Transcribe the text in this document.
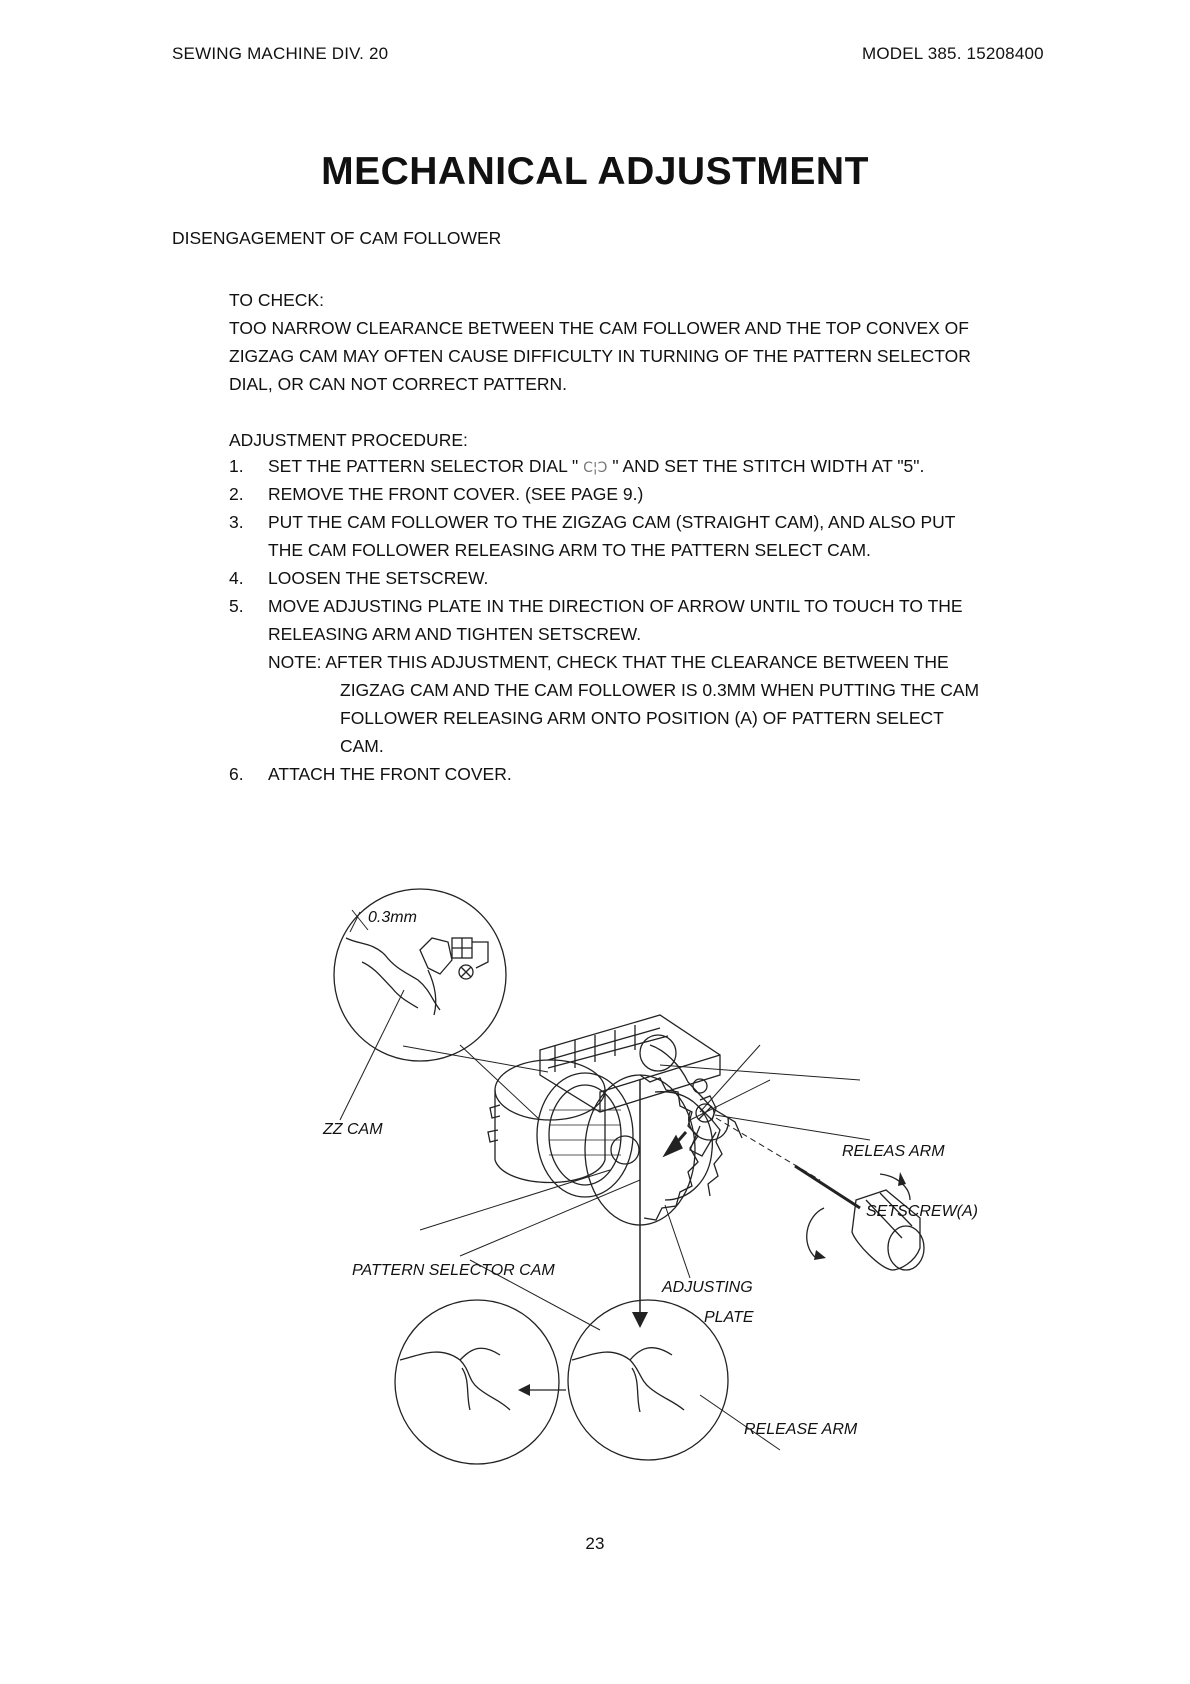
SEWING MACHINE DIV. 20	MODEL 385. 15208400
MECHANICAL ADJUSTMENT
DISENGAGEMENT OF CAM FOLLOWER
TO CHECK:
TOO NARROW CLEARANCE BETWEEN THE CAM FOLLOWER AND THE TOP CONVEX OF
ZIGZAG CAM MAY OFTEN CAUSE DIFFICULTY IN TURNING OF THE PATTERN SELECTOR
DIAL, OR CAN NOT CORRECT PATTERN.
ADJUSTMENT PROCEDURE:
1. SET THE PATTERN SELECTOR DIAL " C¦Ↄ " AND SET THE STITCH WIDTH AT "5".
2. REMOVE THE FRONT COVER. (SEE PAGE 9.)
3. PUT THE CAM FOLLOWER TO THE ZIGZAG CAM (STRAIGHT CAM), AND ALSO PUT
THE CAM FOLLOWER RELEASING ARM TO THE PATTERN SELECT CAM.
4. LOOSEN THE SETSCREW.
5. MOVE ADJUSTING PLATE IN THE DIRECTION OF ARROW UNTIL TO TOUCH TO THE
RELEASING ARM AND TIGHTEN SETSCREW.
NOTE: AFTER THIS ADJUSTMENT, CHECK THAT THE CLEARANCE BETWEEN THE
ZIGZAG CAM AND THE CAM FOLLOWER IS 0.3MM WHEN PUTTING THE CAM
FOLLOWER RELEASING ARM ONTO POSITION (A) OF PATTERN SELECT
CAM.
6. ATTACH THE FRONT COVER.
0.3mm
ZZ CAM
RELEAS ARM
SETSCREW(A)
PATTERN SELECTOR CAM
ADJUSTING
PLATE
RELEASE ARM
23
